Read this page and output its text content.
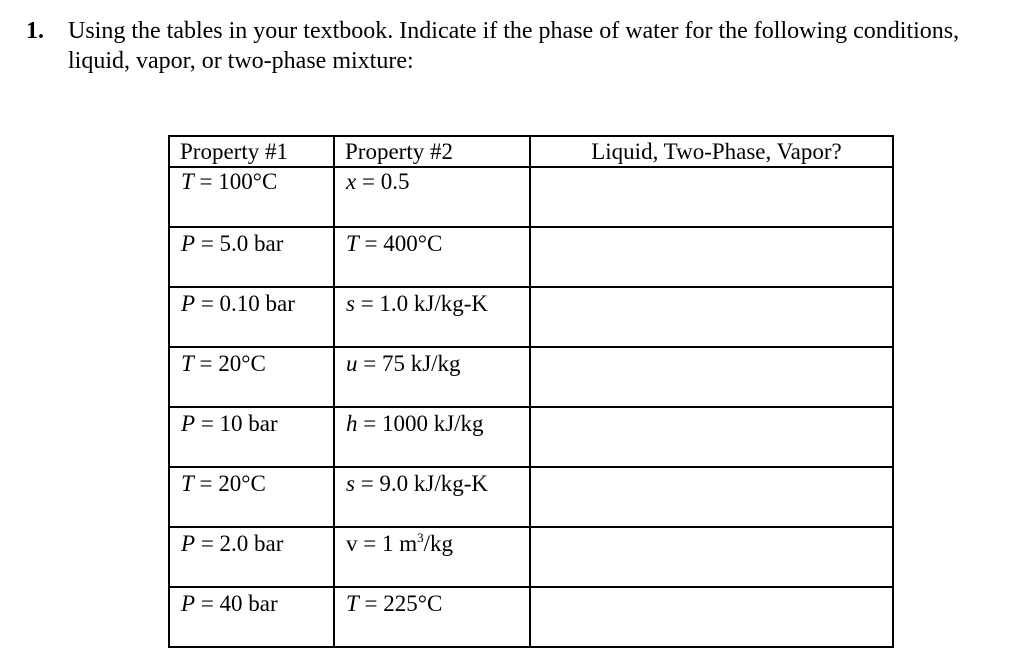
1. Using the tables in your textbook. Indicate if the phase of water for the following conditions,
liquid, vapor, or two-phase mixture:
Property #1	Property #2	Liquid, Two-Phase, Vapor?

T = 100°C	x = 0.5	

P = 5.0 bar	T = 400°C	

P = 0.10 bar	s = 1.0 kJ/kg-K	

T = 20°C	u = 75 kJ/kg	

P = 10 bar	h = 1000 kJ/kg	

T = 20°C	s = 9.0 kJ/kg-K	

P = 2.0 bar	v = 1 $m^3/kg$	

P = 40 bar	T = 225°C	
